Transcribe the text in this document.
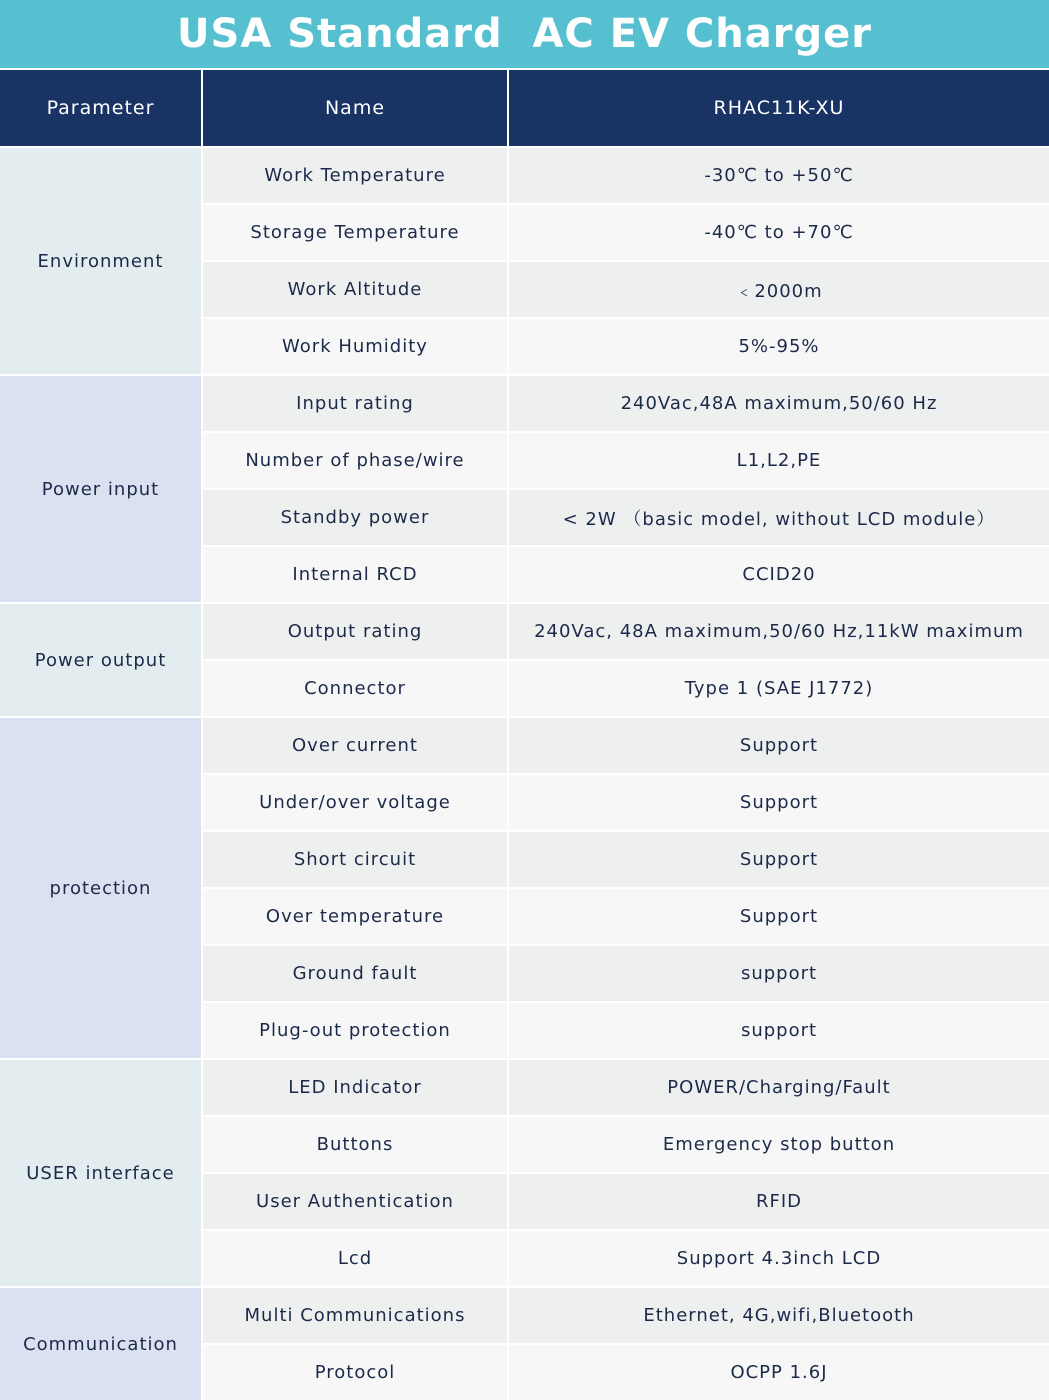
USA Standard  AC EV Charger
Parameter	Name	RHAC11K-XU
Environment	Work Temperature	-30℃ to +50℃
	Storage Temperature	-40℃ to +70℃
	Work Altitude	﹤2000m
	Work Humidity	5%-95%
Power input	Input rating	240Vac,48A maximum,50/60 Hz
	Number of phase/wire	L1,L2,PE
	Standby power	< 2W （basic model, without LCD module）
	Internal RCD	CCID20
Power output	Output rating	240Vac, 48A maximum,50/60 Hz,11kW maximum
	Connector	Type 1 (SAE J1772)
protection	Over current	Support
	Under/over voltage	Support
	Short circuit	Support
	Over temperature	Support
	Ground fault	support
	Plug-out protection	support
USER interface	LED Indicator	POWER/Charging/Fault
	Buttons	Emergency stop button
	User Authentication	RFID
	Lcd	Support 4.3inch LCD
Communication	Multi Communications	Ethernet, 4G,wifi,Bluetooth
	Protocol	OCPP 1.6J
